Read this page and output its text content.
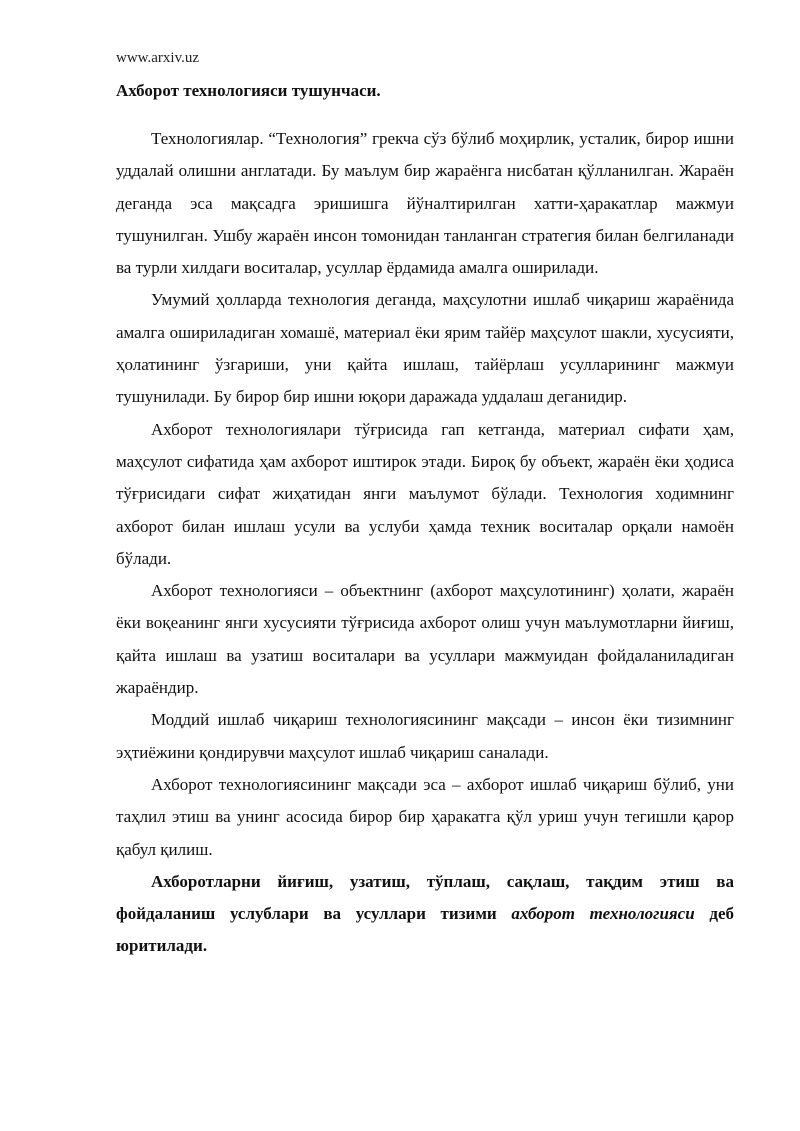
www.arxiv.uz

Ахборот технологияси тушунчаси.

Технологиялар. “Технология” грекча сўз бўлиб моҳирлик, усталик, бирор ишни уддалай олишни англатади. Бу маълум бир жараёнга нисбатан қўлланилган. Жараён деганда эса мақсадга эришишга йўналтирилган хатти-ҳаракатлар мажмуи тушунилган. Ушбу жараён инсон томонидан танланган стратегия билан белгиланади ва турли хилдаги воситалар, усуллар ёрдамида амалга оширилади.

Умумий ҳолларда технология деганда, маҳсулотни ишлаб чиқариш жараёнида амалга ошириладиган хомашё, материал ёки ярим тайёр маҳсулот шакли, хусусияти, ҳолатининг ўзгариши, уни қайта ишлаш, тайёрлаш усулларининг мажмуи тушунилади. Бу бирор бир ишни юқори даражада уддалаш деганидир.

Ахборот технологиялари тўғрисида гап кетганда, материал сифати ҳам, маҳсулот сифатида ҳам ахборот иштирок этади. Бироқ бу объект, жараён ёки ҳодиса тўғрисидаги сифат жиҳатидан янги маълумот бўлади. Технология ходимнинг ахборот билан ишлаш усули ва услуби ҳамда техник воситалар орқали намоён бўлади.

Ахборот технологияси – объектнинг (ахборот маҳсулотининг) ҳолати, жараён ёки воқеанинг янги хусусияти тўғрисида ахборот олиш учун маълумотларни йиғиш, қайта ишлаш ва узатиш воситалари ва усуллари мажмуидан фойдаланиладиган жараёндир.

Моддий ишлаб чиқариш технологиясининг мақсади – инсон ёки тизимнинг эҳтиёжини қондирувчи маҳсулот ишлаб чиқариш саналади.

Ахборот технологиясининг мақсади эса – ахборот ишлаб чиқариш бўлиб, уни таҳлил этиш ва унинг асосида бирор бир ҳаракатга қўл уриш учун тегишли қарор қабул қилиш.

Ахборотларни йиғиш, узатиш, тўплаш, сақлаш, тақдим этиш ва фойдаланиш услублари ва усуллари тизими ахборот технологияси деб юритилади.
